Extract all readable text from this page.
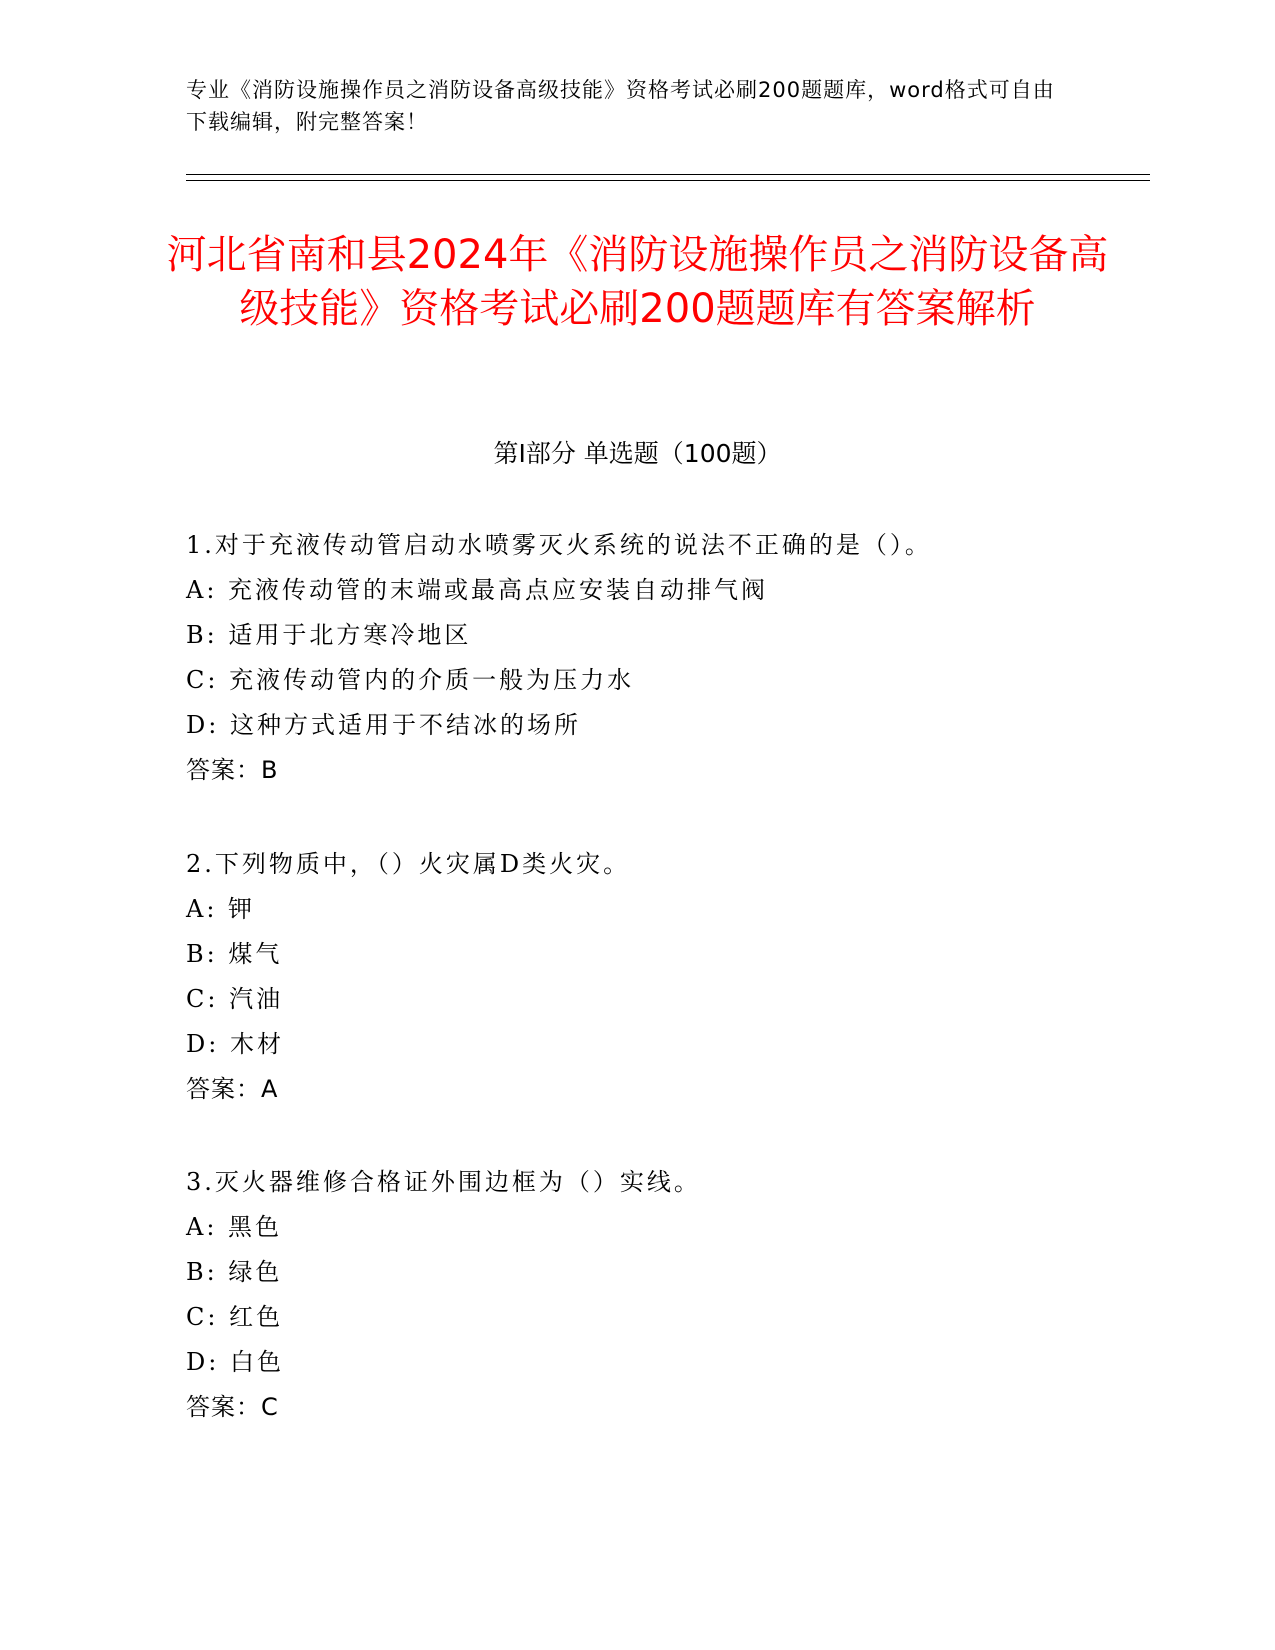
专业《消防设施操作员之消防设备高级技能》资格考试必刷200题题库，word格式可自由下载编辑，附完整答案！
河北省南和县2024年《消防设施操作员之消防设备高级技能》资格考试必刷200题题库有答案解析
第Ⅰ部分 单选题（100题）
1.对于充液传动管启动水喷雾灭火系统的说法不正确的是（）。
A: 充液传动管的末端或最高点应安装自动排气阀
B: 适用于北方寒冷地区
C: 充液传动管内的介质一般为压力水
D: 这种方式适用于不结冰的场所
答案：B
2.下列物质中，（）火灾属D类火灾。
A: 钾
B: 煤气
C: 汽油
D: 木材
答案：A
3.灭火器维修合格证外围边框为（）实线。
A: 黑色
B: 绿色
C: 红色
D: 白色
答案：C
